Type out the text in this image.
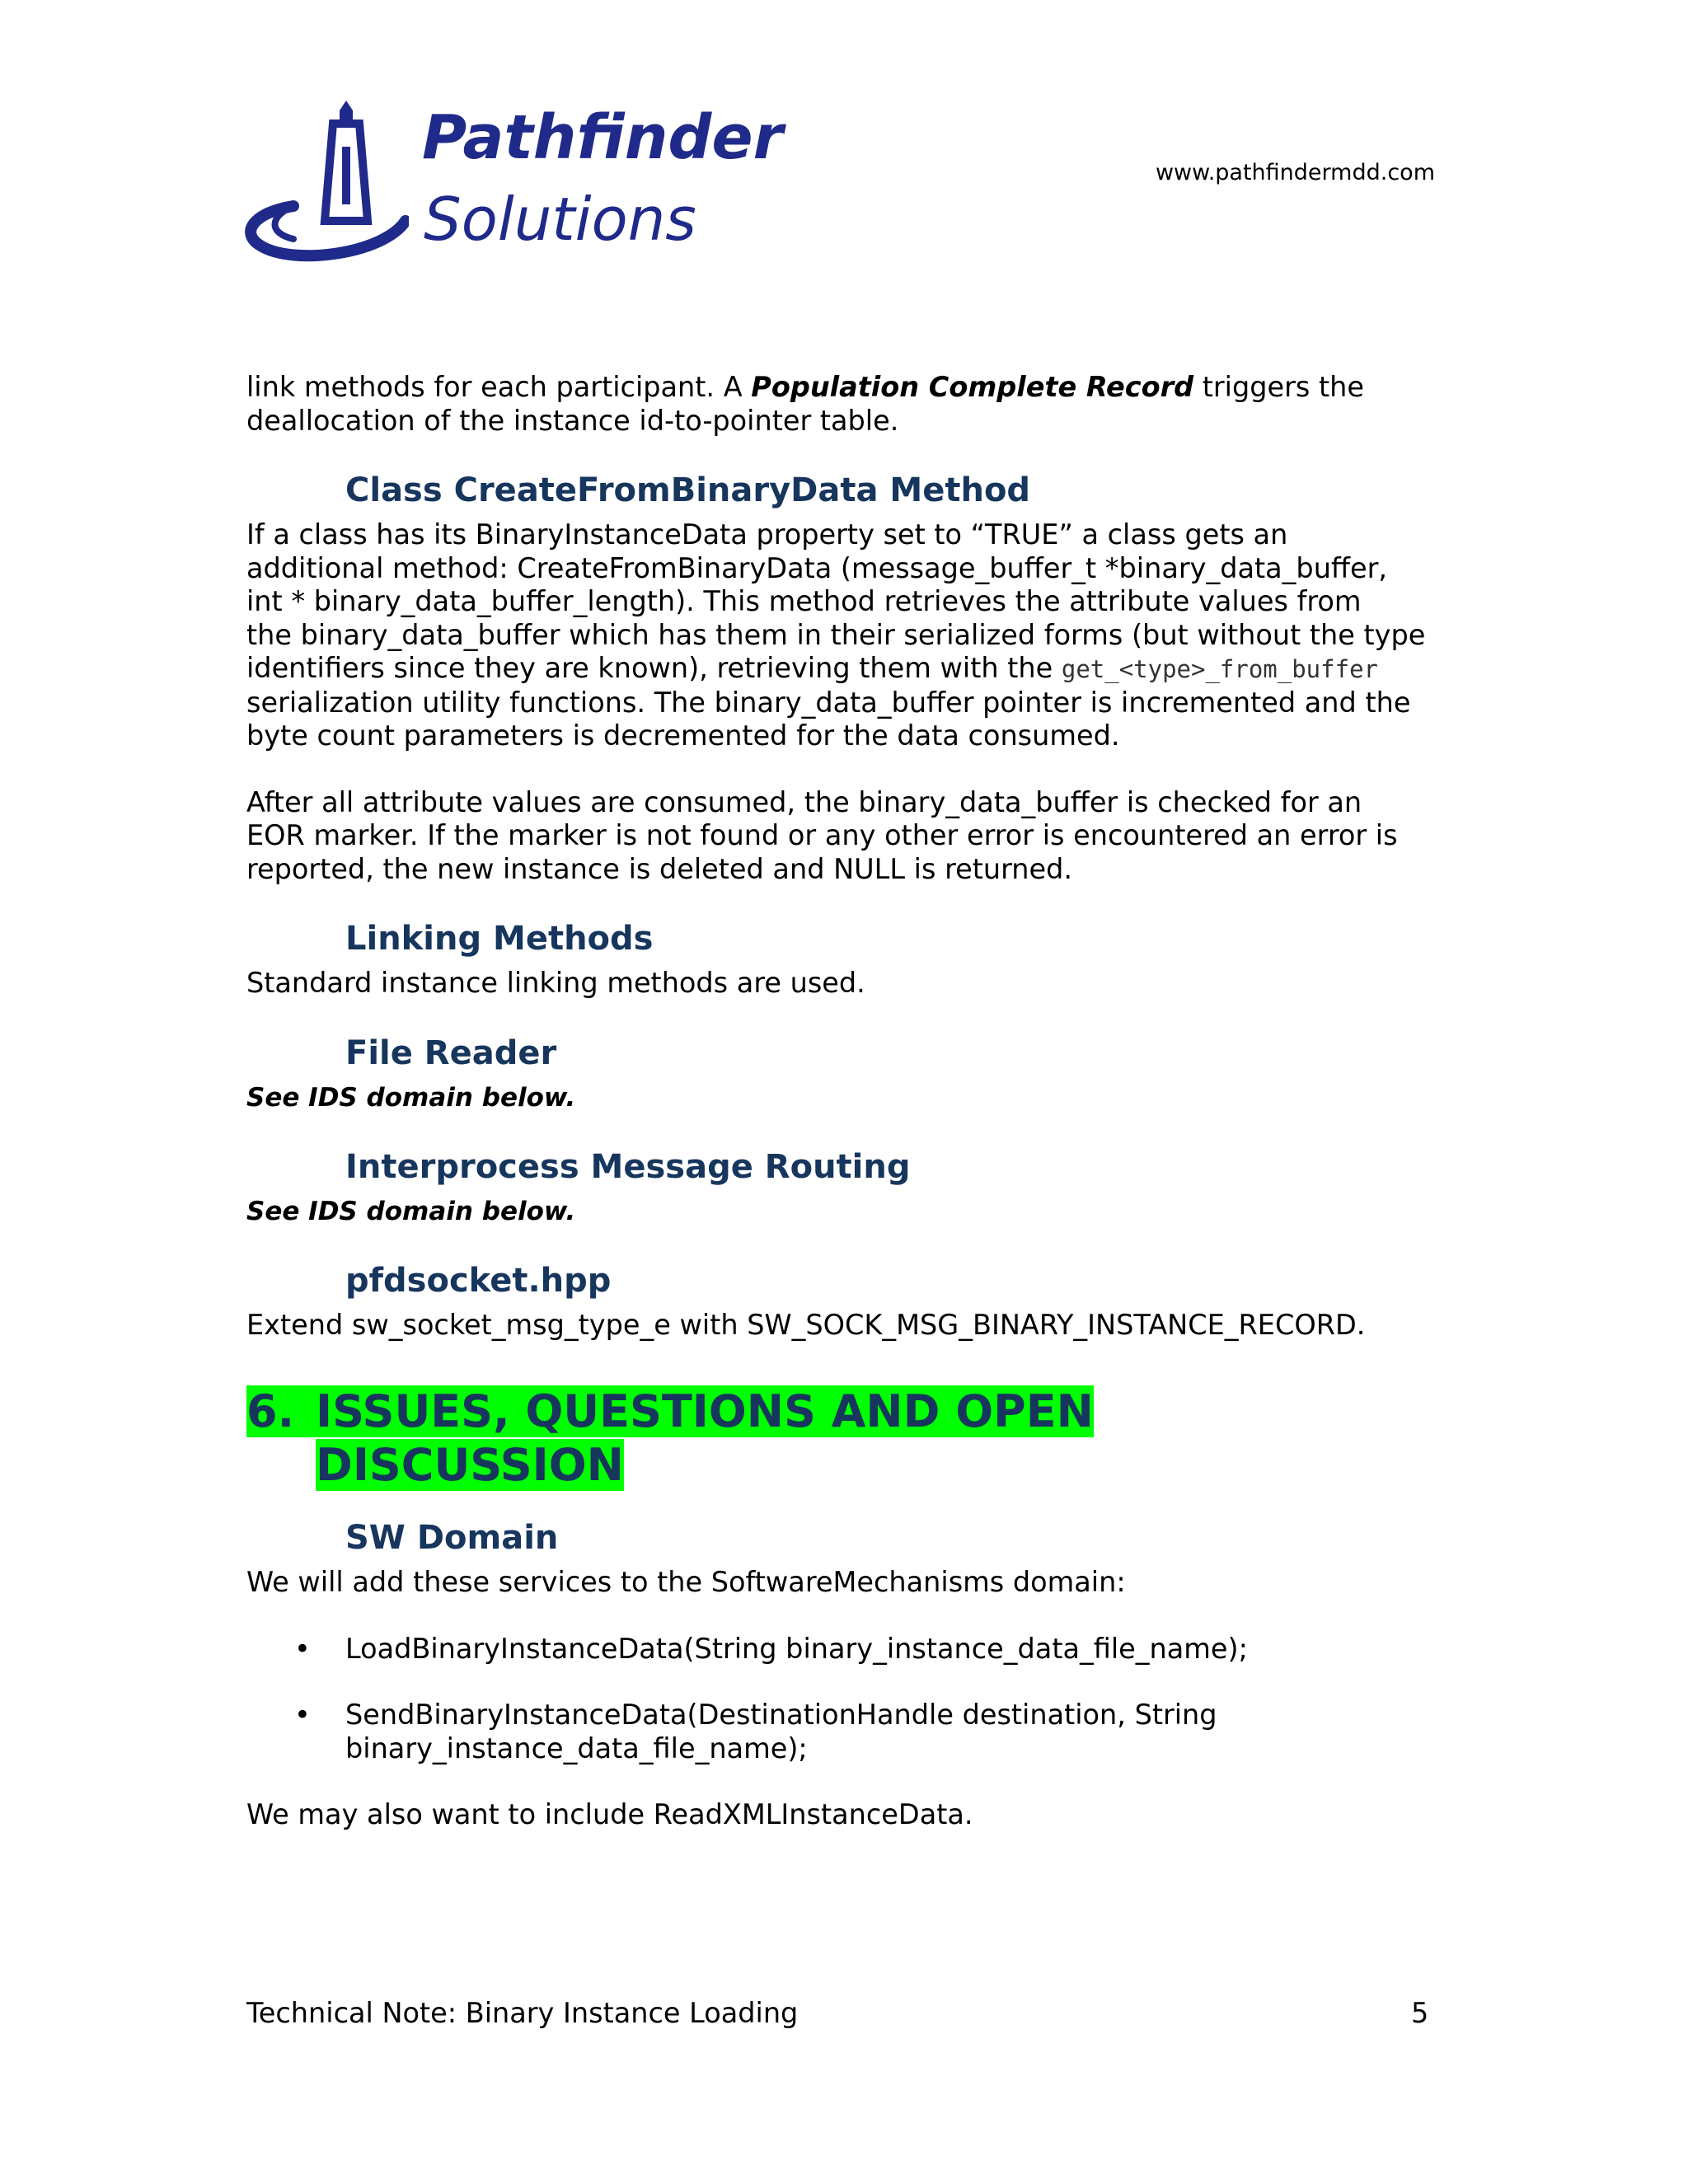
Pathfinder
Solutions
www.pathfindermdd.com

link methods for each participant. A Population Complete Record triggers the

deallocation of the instance id-to-pointer table.

Class CreateFromBinaryData Method

If a class has its BinaryInstanceData property set to “TRUE” a class gets an

additional method: CreateFromBinaryData (message_buffer_t *binary_data_buffer,

int * binary_data_buffer_length). This method retrieves the attribute values from

the binary_data_buffer which has them in their serialized forms (but without the type

identifiers since they are known), retrieving them with the get_<type>_from_buffer

serialization utility functions. The binary_data_buffer pointer is incremented and the

byte count parameters is decremented for the data consumed.

After all attribute values are consumed, the binary_data_buffer is checked for an

EOR marker. If the marker is not found or any other error is encountered an error is

reported, the new instance is deleted and NULL is returned.

Linking Methods

Standard instance linking methods are used.

File Reader

See IDS domain below.

Interprocess Message Routing

See IDS domain below.

pfdsocket.hpp

Extend sw_socket_msg_type_e with SW_SOCK_MSG_BINARY_INSTANCE_RECORD.

6. ISSUES, QUESTIONS AND OPEN
DISCUSSION
SW Domain

We will add these services to the SoftwareMechanisms domain:

• LoadBinaryInstanceData(String binary_instance_data_file_name);
• SendBinaryInstanceData(DestinationHandle destination, String
binary_instance_data_file_name);

We may also want to include ReadXMLInstanceData.

Technical Note: Binary Instance Loading	5
